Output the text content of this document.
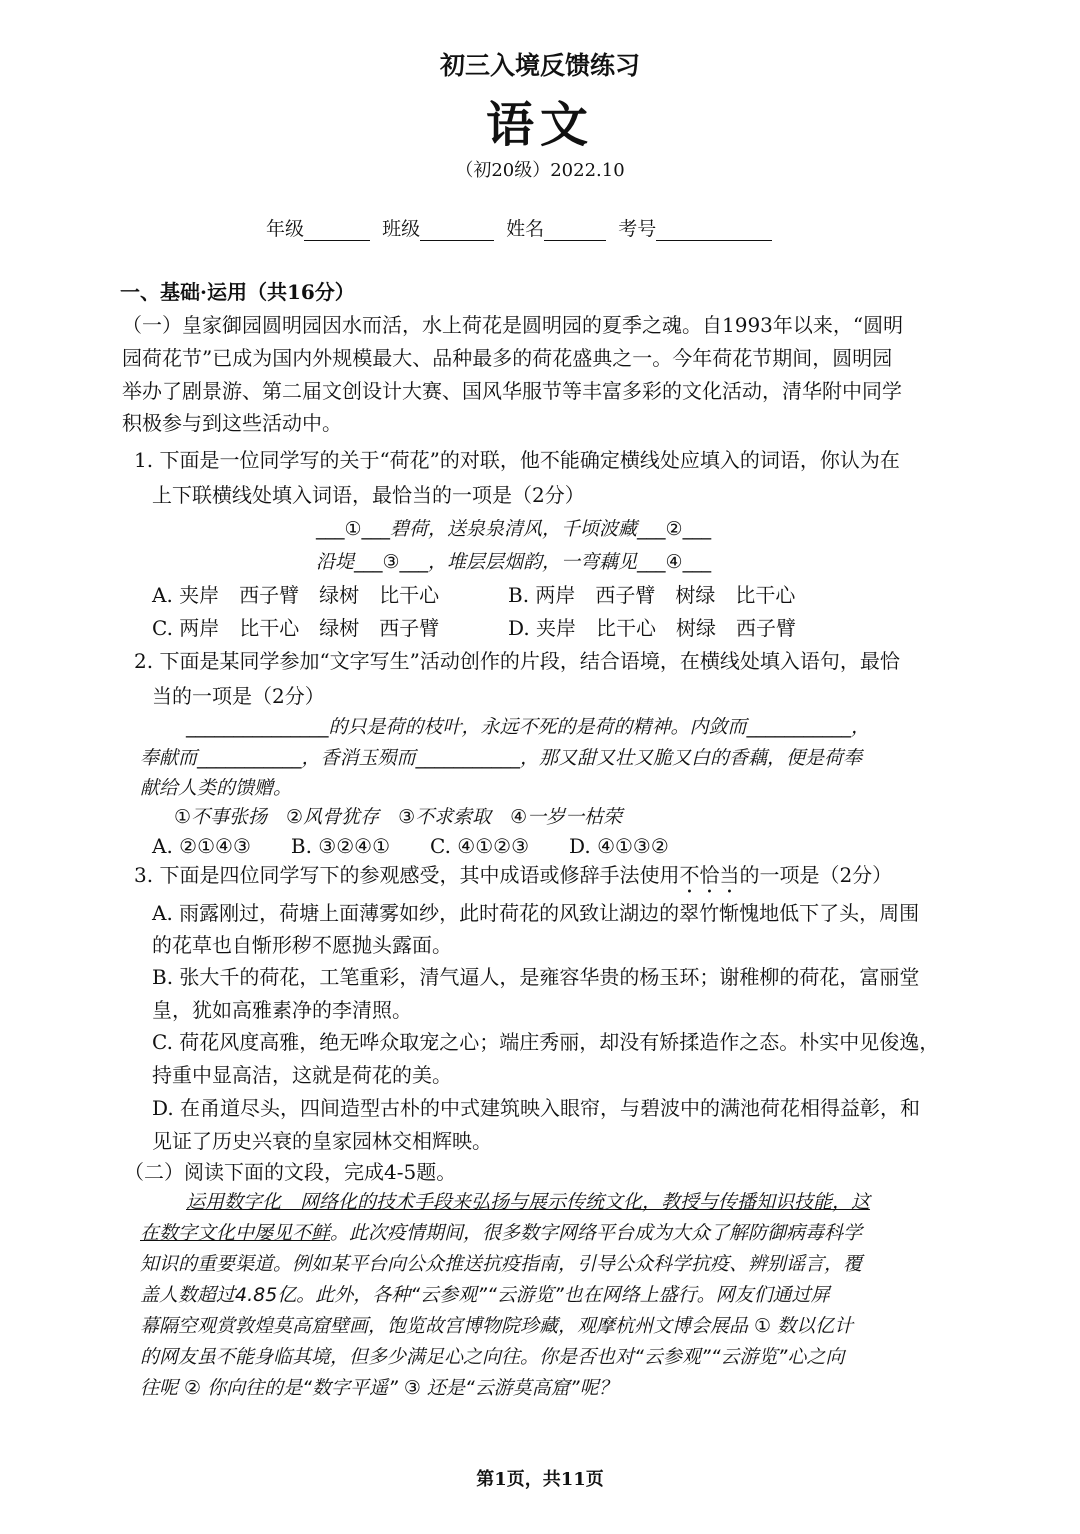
初三入境反馈练习
语文
（初20级）2022.10
年级	班级	姓名	考号
一、基础·运用（共16分）
（一）皇家御园圆明园因水而活，水上荷花是圆明园的夏季之魂。自1993年以来，“圆明
园荷花节”已成为国内外规模最大、品种最多的荷花盛典之一。今年荷花节期间，圆明园
举办了剧景游、第二届文创设计大赛、国风华服节等丰富多彩的文化活动，清华附中同学
积极参与到这些活动中。
1. 下面是一位同学写的关于“荷花”的对联，他不能确定横线处应填入的词语，你认为在
上下联横线处填入词语，最恰当的一项是（2分）
___①___碧荷，送泉泉清风，千顷波藏___②___
沿堤___③___，堆层层烟韵，一弯藕见___④___
A. 夹岸　西子臂　绿树　比干心	B. 两岸　西子臂　树绿　比干心
C. 两岸　比干心　绿树　西子臂	D. 夹岸　比干心　树绿　西子臂
2. 下面是某同学参加“文字写生”活动创作的片段，结合语境，在横线处填入语句，最恰
当的一项是（2分）
_______________的只是荷的枝叶，永远不死的是荷的精神。内敛而___________，
奉献而___________，香消玉殒而___________，那又甜又壮又脆又白的香藕，便是荷奉
献给人类的馈赠。
①不事张扬　②风骨犹存　③不求索取　④一岁一枯荣
A. ②①④③　　B. ③②④①　　C. ④①②③　　D. ④①③②
3. 下面是四位同学写下的参观感受，其中成语或修辞手法使用不恰当的一项是（2分）
A. 雨露刚过，荷塘上面薄雾如纱，此时荷花的风致让湖边的翠竹惭愧地低下了头，周围
的花草也自惭形秽不愿抛头露面。
B. 张大千的荷花，工笔重彩，清气逼人，是雍容华贵的杨玉环；谢稚柳的荷花，富丽堂
皇，犹如高雅素净的李清照。
C. 荷花风度高雅，绝无哗众取宠之心；端庄秀丽，却没有矫揉造作之态。朴实中见俊逸，
持重中显高洁，这就是荷花的美。
D. 在甬道尽头，四间造型古朴的中式建筑映入眼帘，与碧波中的满池荷花相得益彰，和
见证了历史兴衰的皇家园林交相辉映。
（二）阅读下面的文段，完成4-5题。
运用数字化　网络化的技术手段来弘扬与展示传统文化，教授与传播知识技能，这
在数字文化中屡见不鲜。此次疫情期间，很多数字网络平台成为大众了解防御病毒科学
知识的重要渠道。例如某平台向公众推送抗疫指南，引导公众科学抗疫、辨别谣言，覆
盖人数超过4.85亿。此外，各种“云参观”“云游览”也在网络上盛行。网友们通过屏
幕隔空观赏敦煌莫高窟壁画，饱览故宫博物院珍藏，观摩杭州文博会展品 ① 数以亿计
的网友虽不能身临其境，但多少满足心之向往。你是否也对“云参观”“云游览”心之向
往呢 ② 你向往的是“数字平遥” ③ 还是“云游莫高窟”呢？
第1页，共11页
